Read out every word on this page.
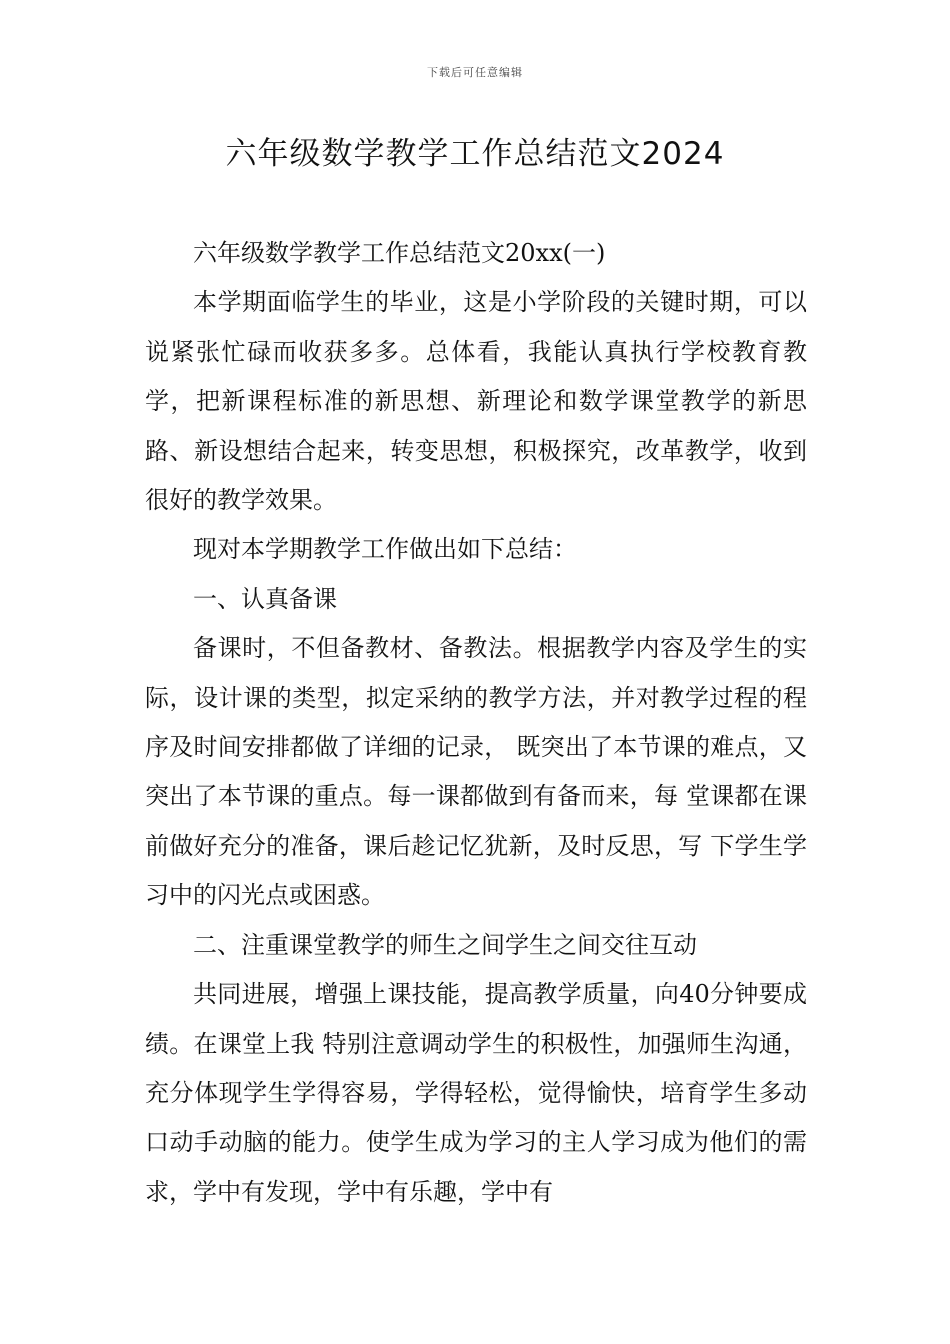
下载后可任意编辑
六年级数学教学工作总结范文2024

六年级数学教学工作总结范文20xx(一)

本学期面临学生的毕业，这是小学阶段的关键时期，可以说紧张忙碌而收获多多。总体看，我能认真执行学校教育教学，把新课程标准的新思想、新理论和数学课堂教学的新思路、新设想结合起来，转变思想，积极探究，改革教学，收到很好的教学效果。

现对本学期教学工作做出如下总结：

一、认真备课

备课时，不但备教材、备教法。根据教学内容及学生的实际，设计课的类型，拟定采纳的教学方法，并对教学过程的程序及时间安排都做了详细的记录， 既突出了本节课的难点，又突出了本节课的重点。每一课都做到有备而来，每 堂课都在课前做好充分的准备，课后趁记忆犹新，及时反思，写 下学生学习中的闪光点或困惑。

二、注重课堂教学的师生之间学生之间交往互动

共同进展，增强上课技能，提高教学质量，向40分钟要成绩。在课堂上我 特别注意调动学生的积极性，加强师生沟通，充分体现学生学得容易，学得轻松，觉得愉快，培育学生多动口动手动脑的能力。使学生成为学习的主人学习成为他们的需求，学中有发现，学中有乐趣，学中有
